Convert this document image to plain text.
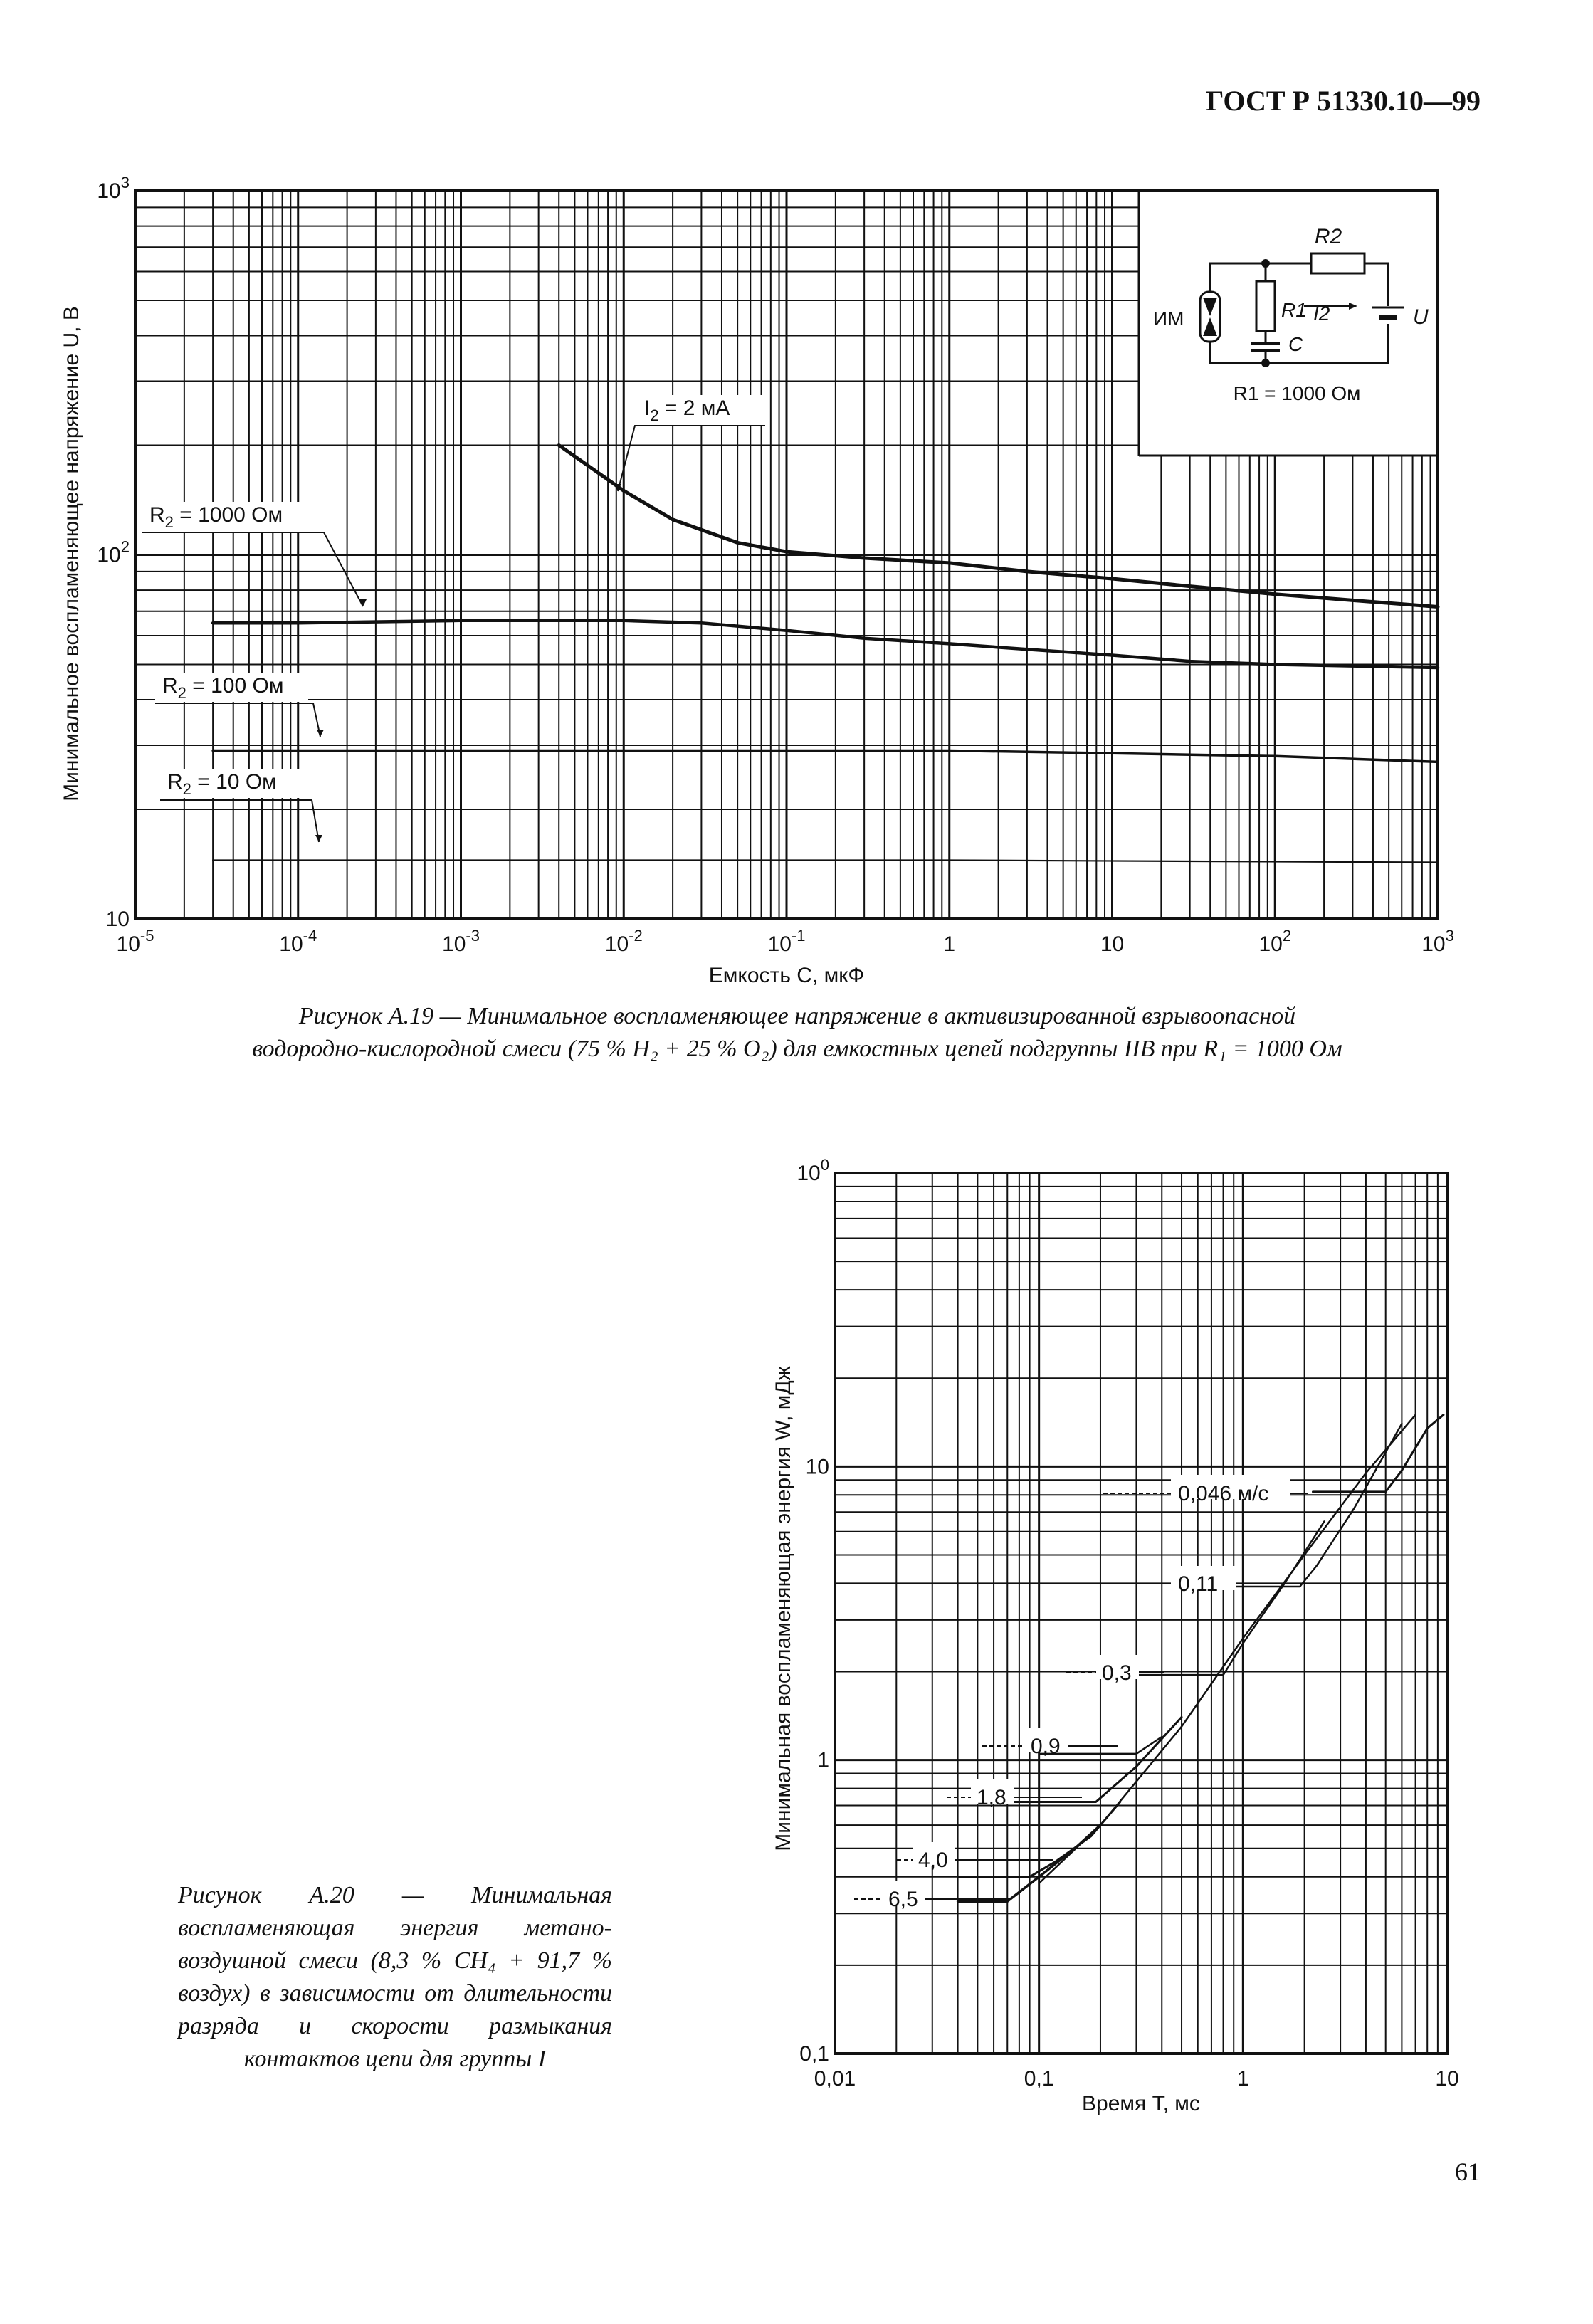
ГОСТ Р 51330.10—99
$10^{-5}$	$10^{-4}$	$10^{-3}$	$10^{-2}$	$10^{-1}$	1	10	$10^2$	$10^3$
10
$10^2$
$10^3$
$I_2 = 2$ мА
$R_2 = 1000$ Ом
$R_2 = 100$ Ом
$R_2 = 10$ Ом
Емкость C, мкФ
Минимальное воспламеняющее напряжение U, В
R2
ИМ	R1 I2
C
U
R1 = 1000 Ом
0,01	0,1	1	10
0,1
1
10
$10^0$
0,046 м/с
0,11
0,3
0,9
1,8
4,0
6,5
Время T, мс
Минимальная воспламеняющая энергия W, мДж
Рисунок А.19 — Минимальное воспламеняющее напряжение в активизированной взрывоопасной
водородно-кислородной смеси (75 % H₂ + 25 % O₂) для емкостных цепей подгруппы IIB при R₁ = 1000 Ом
Рисунок А.20 — Минимальная воспламеняющая энергия метано-воздушной смеси (8,3 % CH₄ + 91,7 % воздух) в зависимости от длительности разряда и скорости размыкания контактов цепи для группы I
61
